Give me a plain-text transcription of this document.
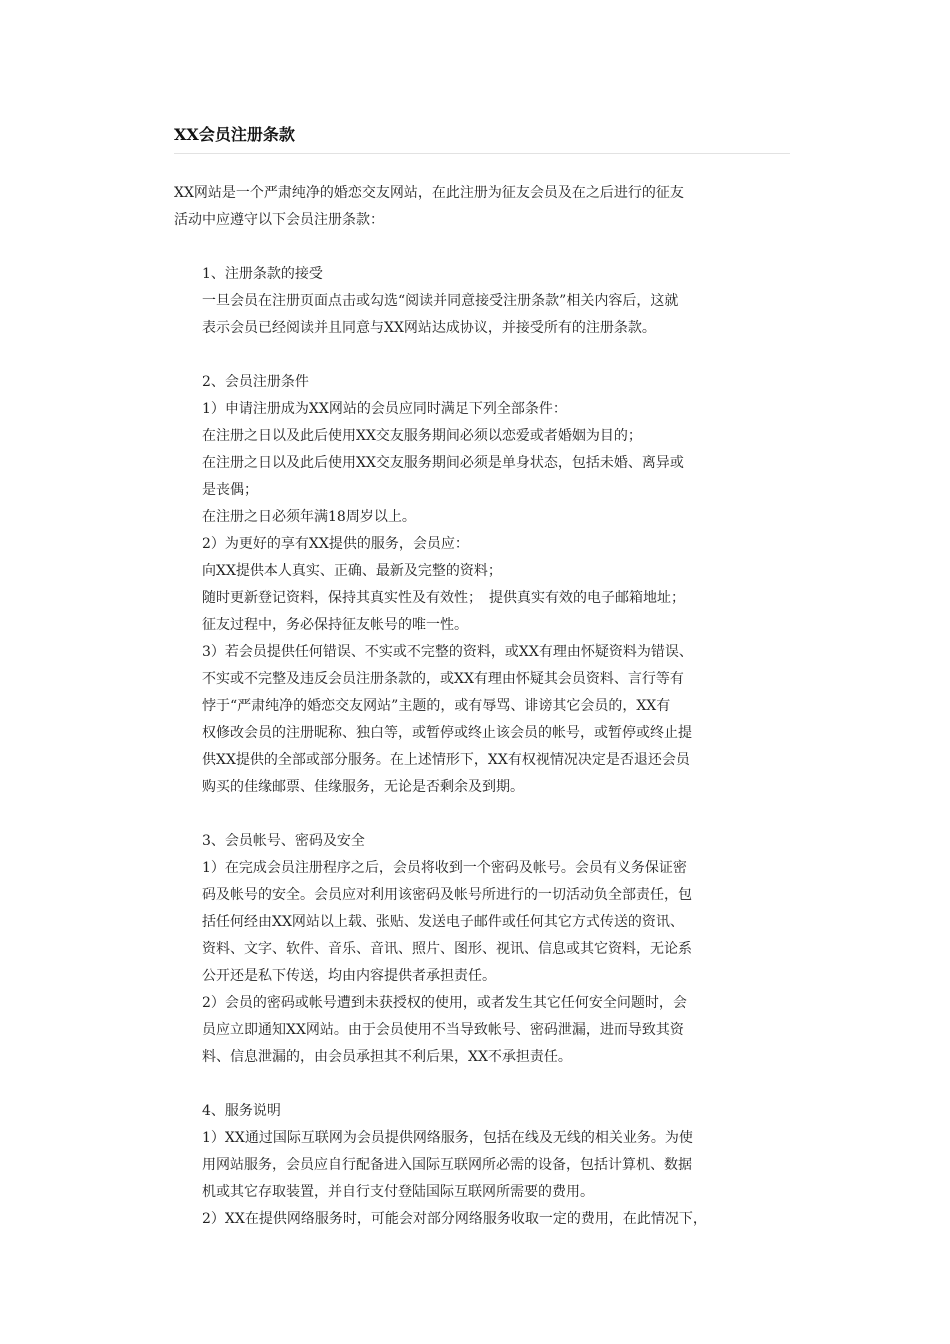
XX会员注册条款

XX网站是一个严肃纯净的婚恋交友网站，在此注册为征友会员及在之后进行的征友

活动中应遵守以下会员注册条款：

1、注册条款的接受

一旦会员在注册页面点击或勾选“阅读并同意接受注册条款”相关内容后，这就

表示会员已经阅读并且同意与XX网站达成协议，并接受所有的注册条款。

2、会员注册条件

1）申请注册成为XX网站的会员应同时满足下列全部条件：

在注册之日以及此后使用XX交友服务期间必须以恋爱或者婚姻为目的；

在注册之日以及此后使用XX交友服务期间必须是单身状态，包括未婚、离异或

是丧偶；

在注册之日必须年满18周岁以上。

2）为更好的享有XX提供的服务，会员应：

向XX提供本人真实、正确、最新及完整的资料；

随时更新登记资料，保持其真实性及有效性；　提供真实有效的电子邮箱地址；

征友过程中，务必保持征友帐号的唯一性。

3）若会员提供任何错误、不实或不完整的资料，或XX有理由怀疑资料为错误、

不实或不完整及违反会员注册条款的，或XX有理由怀疑其会员资料、言行等有

悖于“严肃纯净的婚恋交友网站”主题的，或有辱骂、诽谤其它会员的，XX有

权修改会员的注册昵称、独白等，或暂停或终止该会员的帐号，或暂停或终止提

供XX提供的全部或部分服务。在上述情形下，XX有权视情况决定是否退还会员

购买的佳缘邮票、佳缘服务，无论是否剩余及到期。

3、会员帐号、密码及安全

1）在完成会员注册程序之后，会员将收到一个密码及帐号。会员有义务保证密

码及帐号的安全。会员应对利用该密码及帐号所进行的一切活动负全部责任，包

括任何经由XX网站以上载、张贴、发送电子邮件或任何其它方式传送的资讯、

资料、文字、软件、音乐、音讯、照片、图形、视讯、信息或其它资料，无论系

公开还是私下传送，均由内容提供者承担责任。

2）会员的密码或帐号遭到未获授权的使用，或者发生其它任何安全问题时，会

员应立即通知XX网站。由于会员使用不当导致帐号、密码泄漏，进而导致其资

料、信息泄漏的，由会员承担其不利后果，XX不承担责任。

4、服务说明

1）XX通过国际互联网为会员提供网络服务，包括在线及无线的相关业务。为使

用网站服务，会员应自行配备进入国际互联网所必需的设备，包括计算机、数据

机或其它存取装置，并自行支付登陆国际互联网所需要的费用。

2）XX在提供网络服务时，可能会对部分网络服务收取一定的费用，在此情况下，
